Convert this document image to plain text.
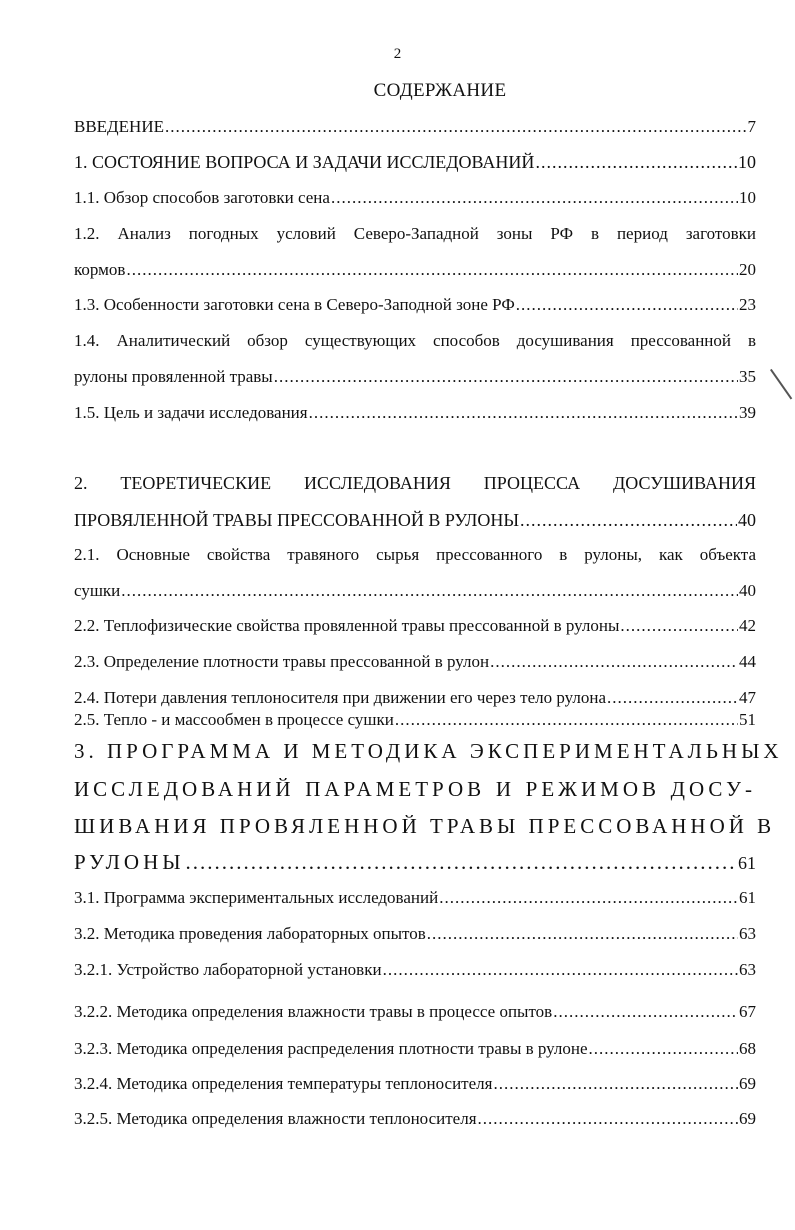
2
СОДЕРЖАНИЕ
ВВЕДЕНИЕ .....	7
1. СОСТОЯНИЕ ВОПРОСА И ЗАДАЧИ ИССЛЕДОВАНИЙ .....	10
1.1. Обзор способов заготовки сена .....	10
1.2. Анализ погодных условий Северо-Западной зоны РФ в период заготовки
кормов .....	20
1.3. Особенности заготовки сена в Северо-Заподной зоне РФ .....	23
1.4. Аналитический обзор существующих способов досушивания прессованной в
рулоны провяленной травы .....	35
1.5. Цель и задачи исследования .....	39
2. ТЕОРЕТИЧЕСКИЕ ИССЛЕДОВАНИЯ ПРОЦЕССА ДОСУШИВАНИЯ
ПРОВЯЛЕННОЙ ТРАВЫ ПРЕССОВАННОЙ В РУЛОНЫ .....	40
2.1. Основные свойства травяного сырья прессованного в рулоны, как объекта
сушки .....	40
2.2. Теплофизические свойства провяленной травы прессованной в рулоны .....	42
2.3. Определение плотности травы прессованной в рулон .....	44
2.4. Потери давления теплоносителя при движении его через тело рулона .....	47
2.5. Тепло - и массообмен в процессе сушки .....	51
3. ПРОГРАММА И МЕТОДИКА ЭКСПЕРИМЕНТАЛЬНЫХ
ИССЛЕДОВАНИЙ ПАРАМЕТРОВ И РЕЖИМОВ ДОСУ-
ШИВАНИЯ ПРОВЯЛЕННОЙ ТРАВЫ ПРЕССОВАННОЙ В
РУЛОНЫ .....	61
3.1. Программа экспериментальных исследований .....	61
3.2. Методика проведения лабораторных опытов .....	63
3.2.1. Устройство лабораторной установки .....	63
3.2.2. Методика определения влажности травы в процессе опытов .....	67
3.2.3. Методика определения распределения плотности травы в рулоне .....	68
3.2.4. Методика определения температуры теплоносителя .....	69
3.2.5. Методика определения влажности теплоносителя .....	69
